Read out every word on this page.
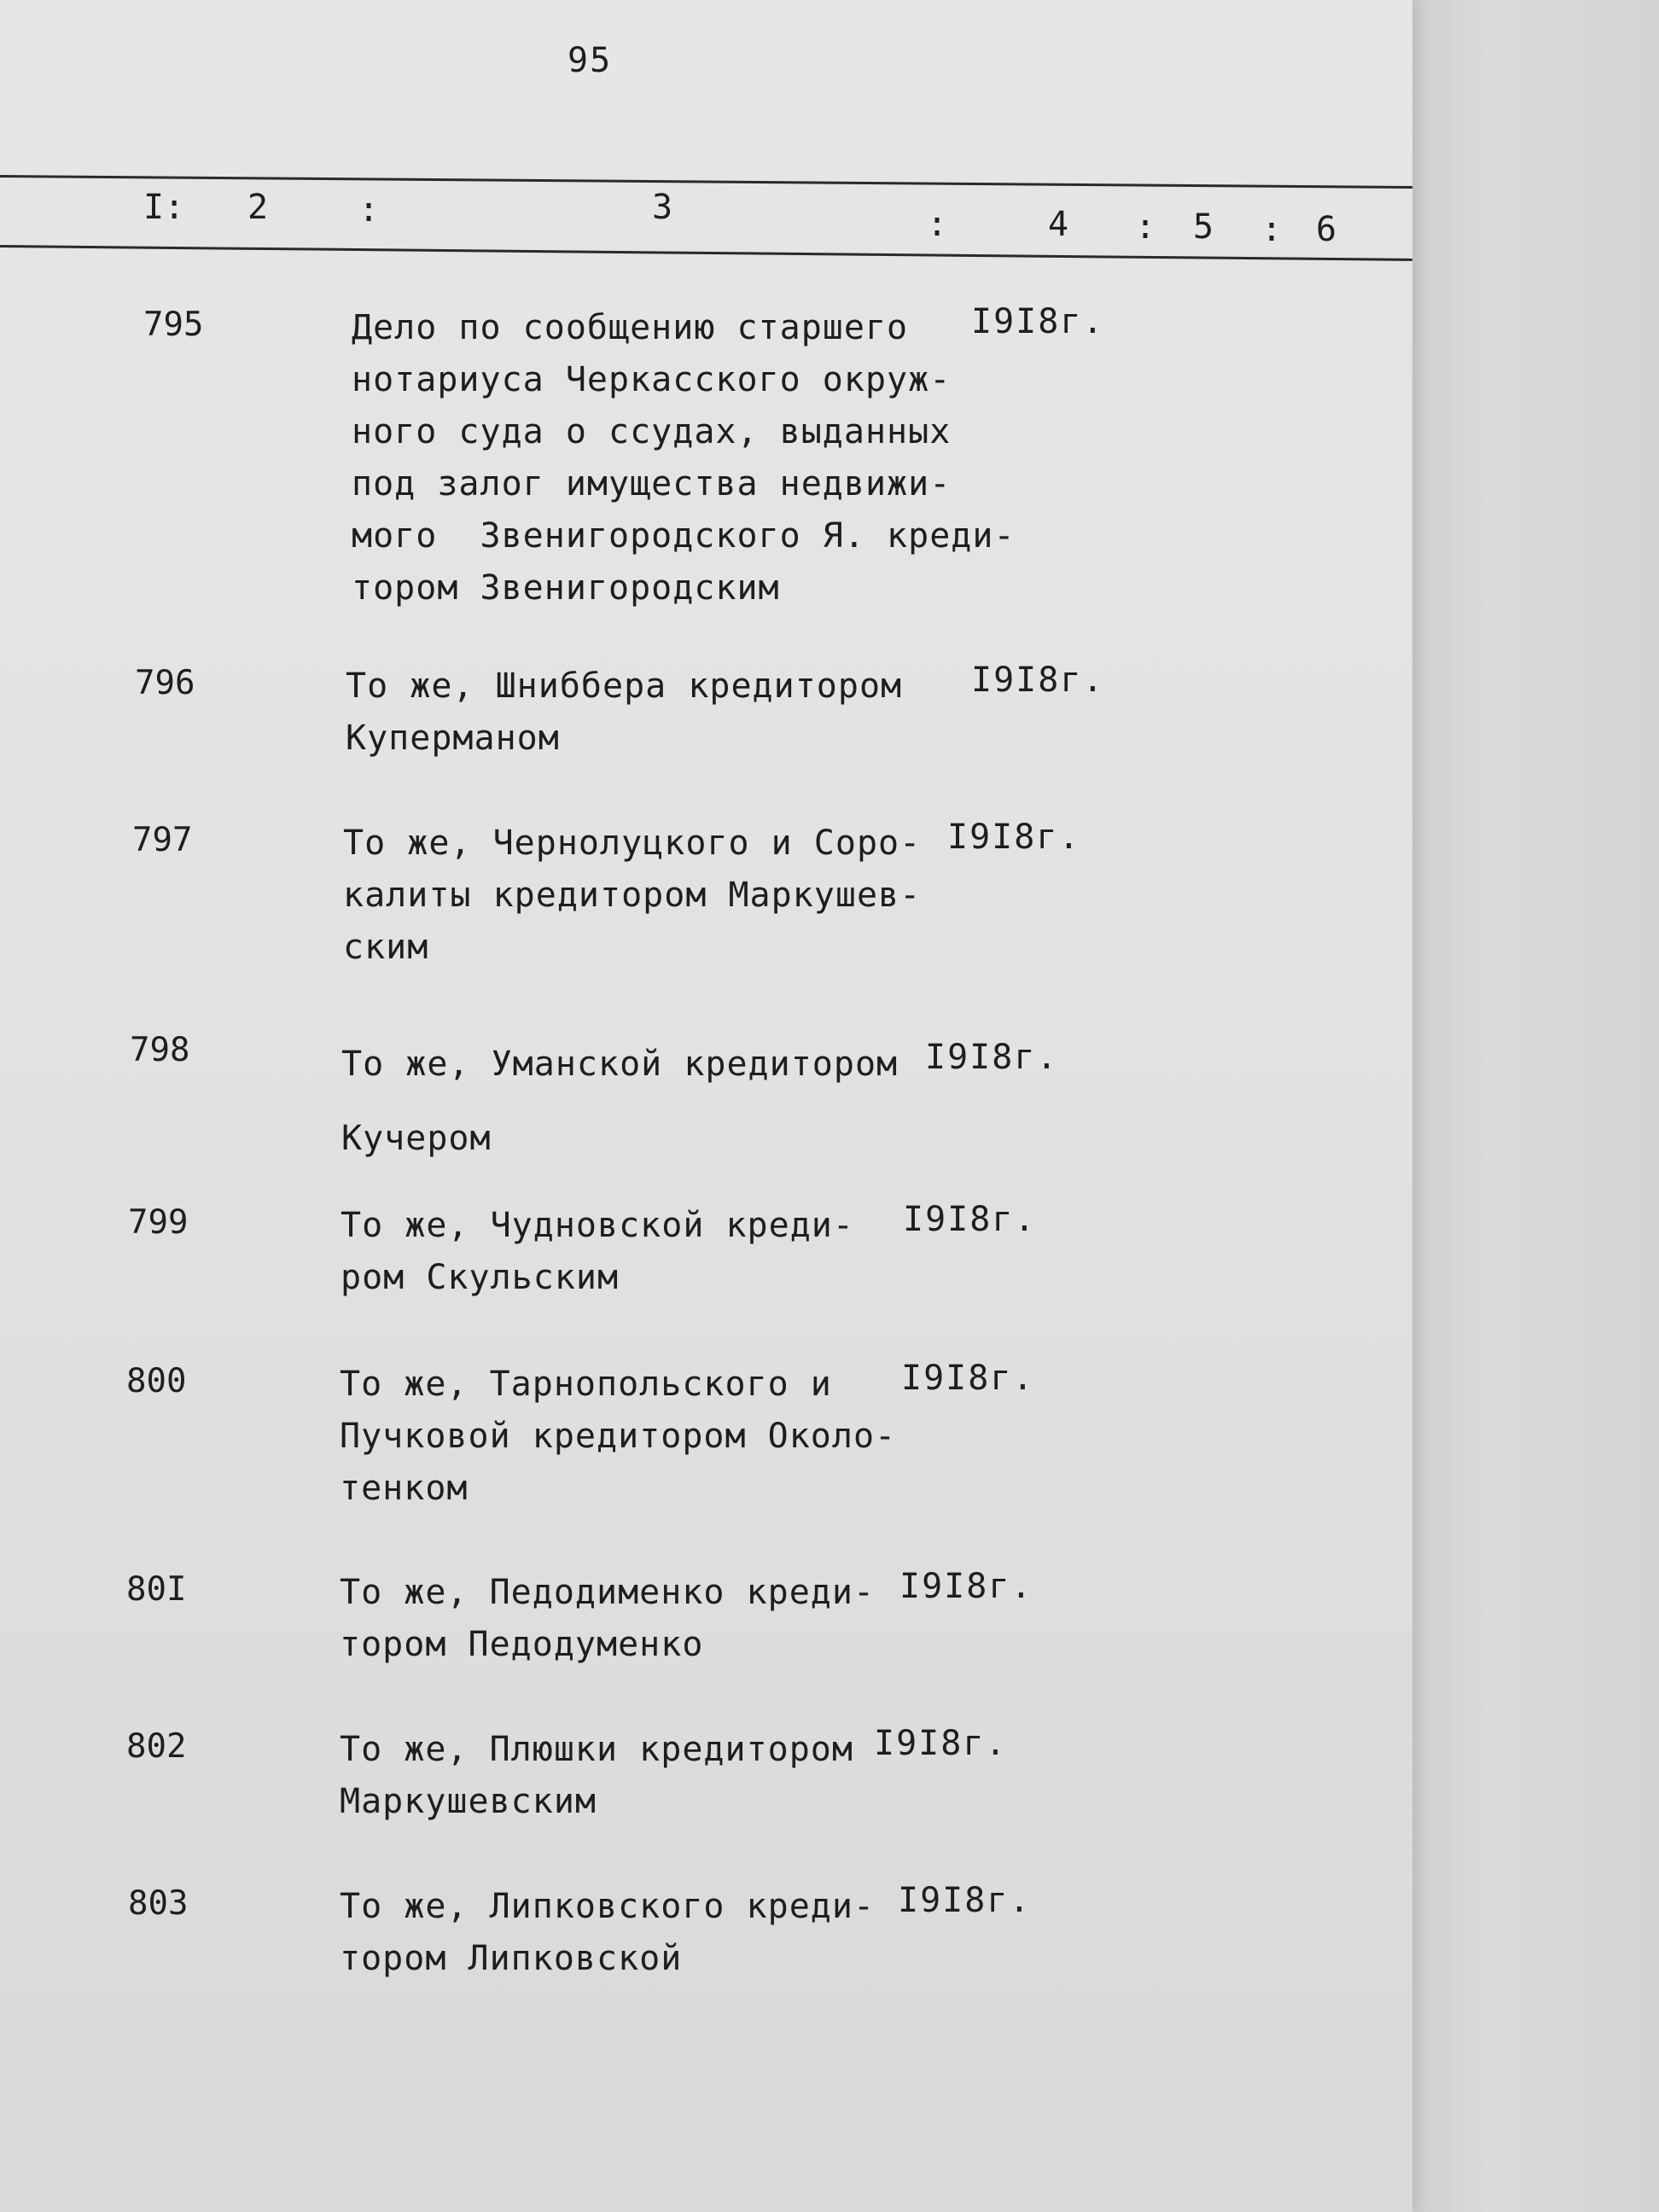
95
I: 2	:	3	:	4 : 5 : 6
795	Дело по сообщению старшего
нотариуса Черкасского окруж-
ного суда о ссудах, выданных
под залог имущества недвижи-
мого  Звенигородского Я. креди-
тором Звенигородским
I9I8г.
796	То же, Шниббера кредитором
Куперманом
I9I8г.
797	То же, Чернолуцкого и Соро-
калиты кредитором Маркушев-
ским
I9I8г.
798	То же, Уманской кредитором
Кучером
I9I8г.
799	То же, Чудновской креди-
ром Скульским
I9I8г.
800	То же, Тарнопольского и
Пучковой кредитором Около-
тенком
I9I8г.
80I	То же, Педодименко креди-
тором Педодуменко
I9I8г.
802	То же, Плюшки кредитором
Маркушевским
I9I8г.
803	То же, Липковского креди-
тором Липковской
I9I8г.
